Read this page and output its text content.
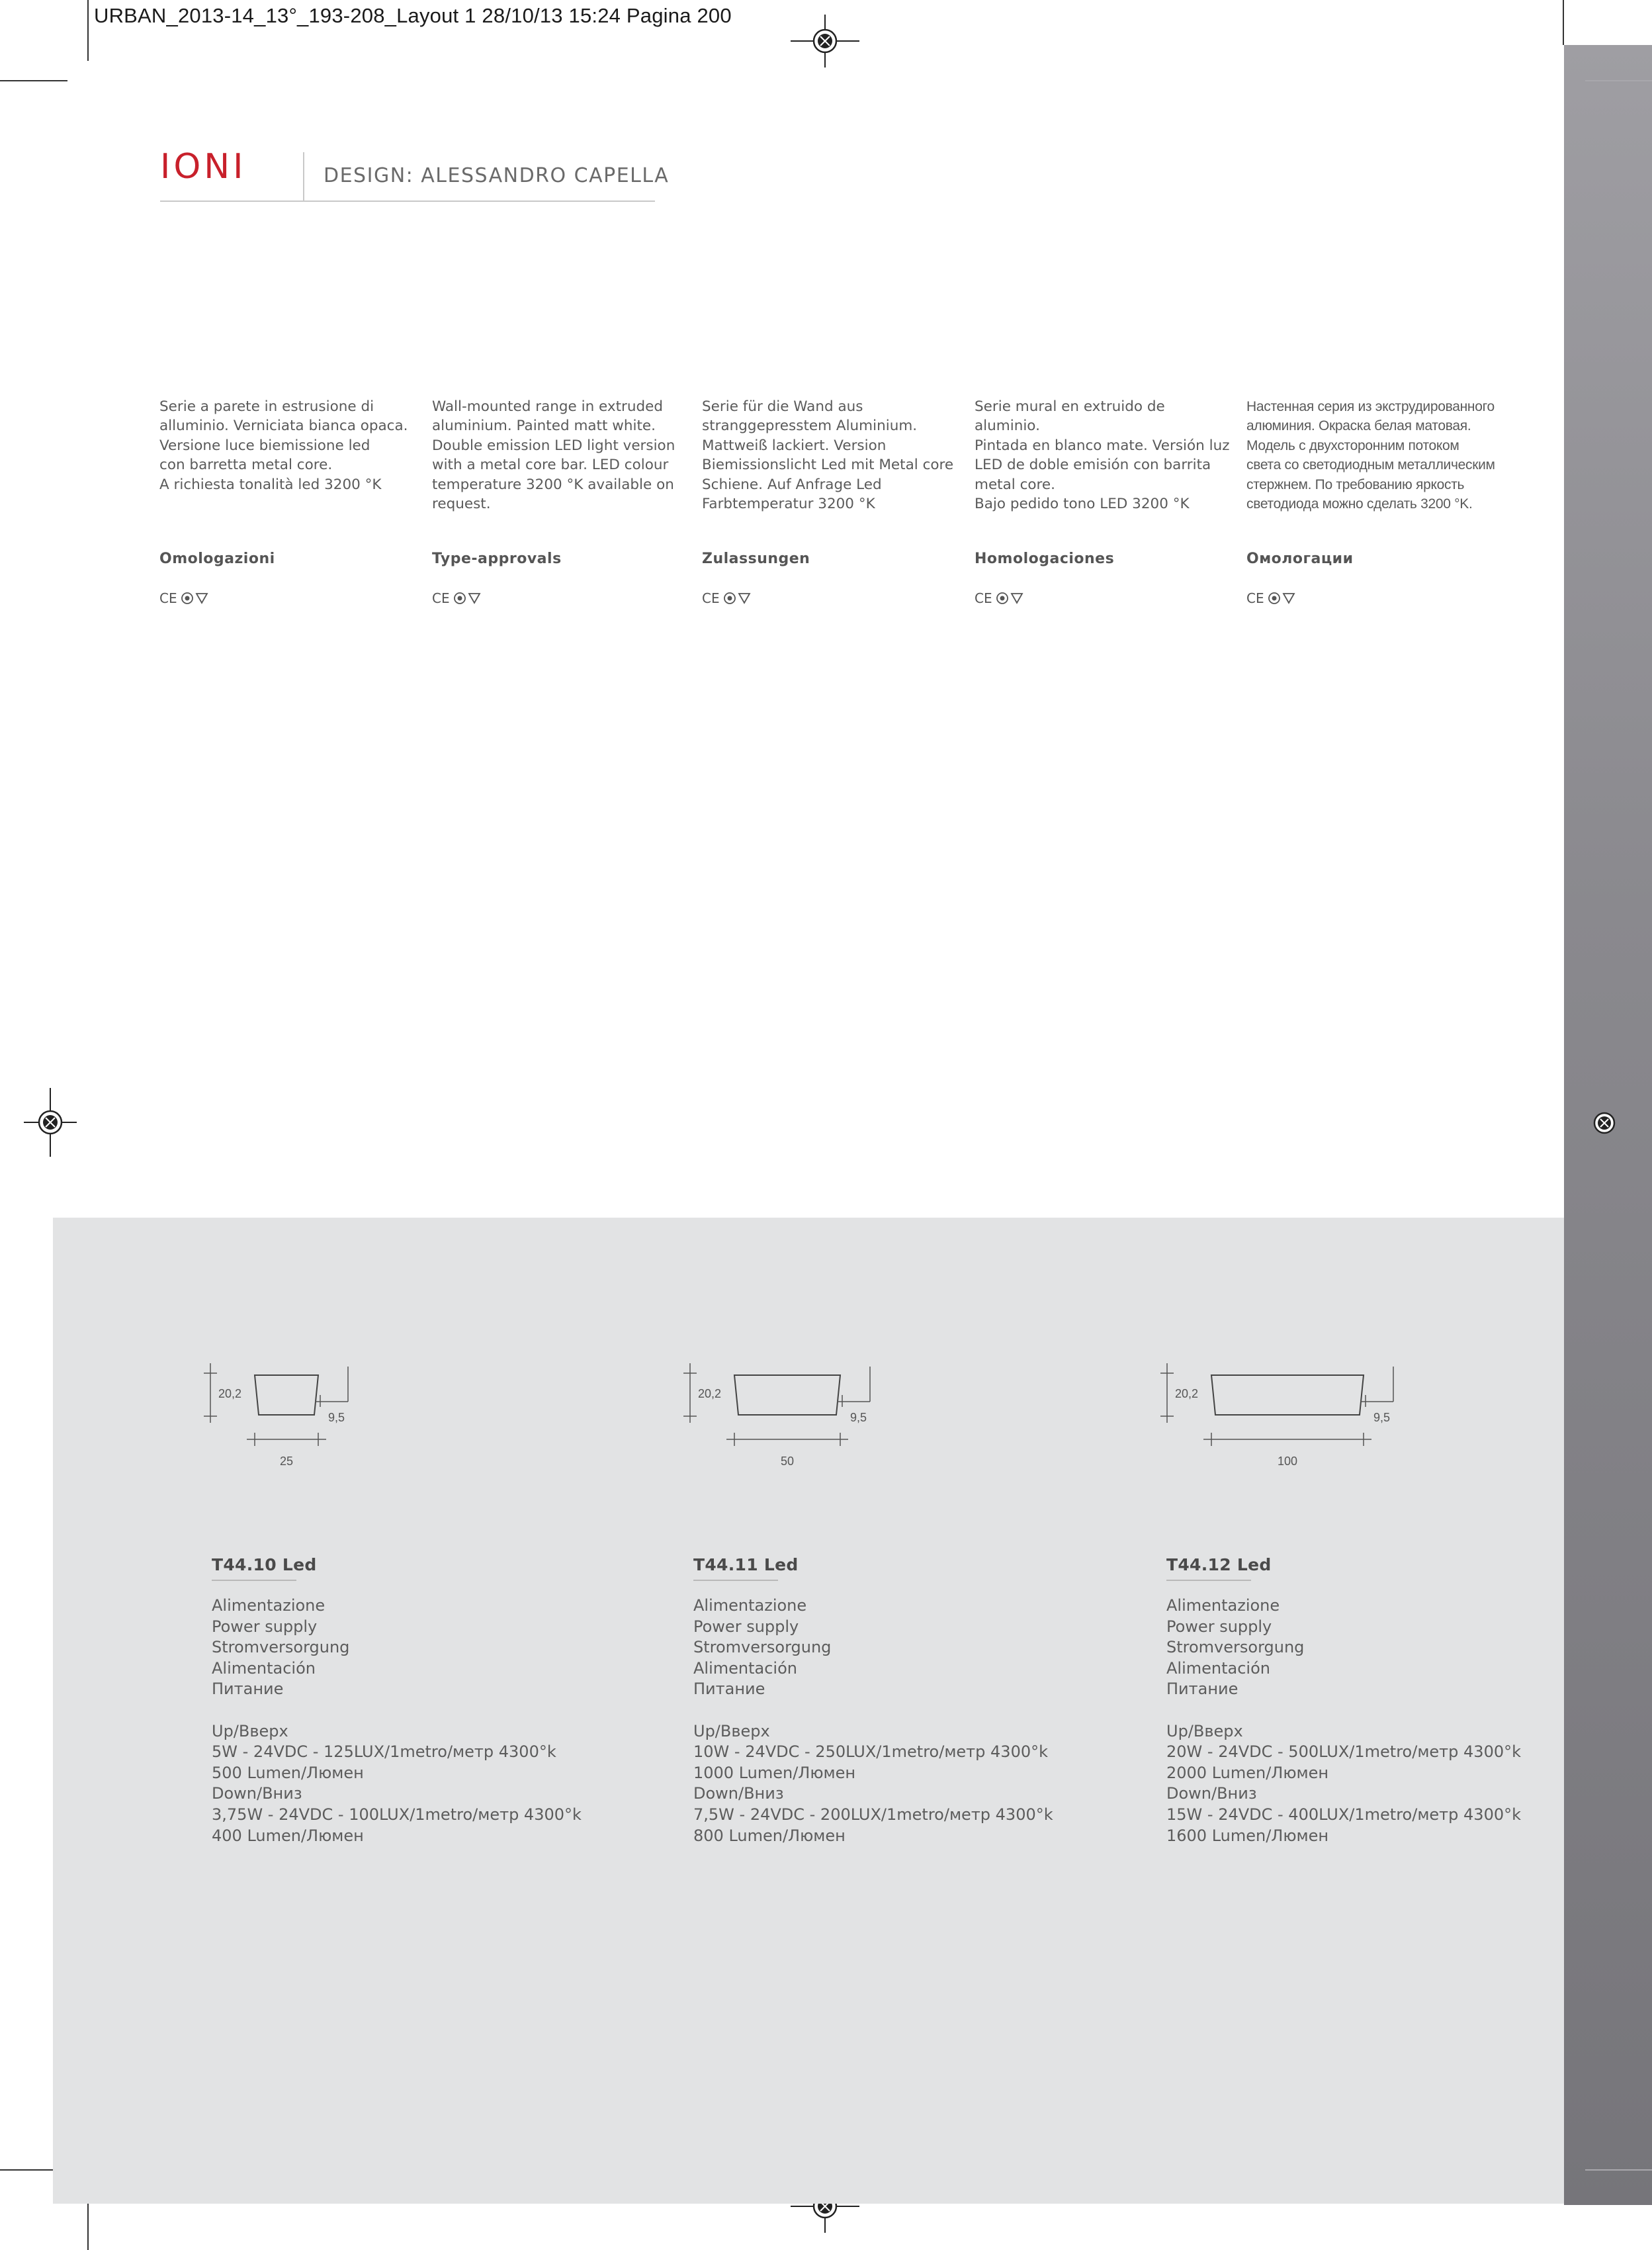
URBAN_2013-14_13°_193-208_Layout 1 28/10/13 15:24 Pagina 200
IONI	DESIGN: ALESSANDRO CAPELLA
Serie a parete in estrusione di
alluminio. Verniciata bianca opaca.
Versione luce biemissione led
con barretta metal core.
A richiesta tonalità led 3200 °K
Omologazioni
CE
Wall-mounted range in extruded
aluminium. Painted matt white.
Double emission LED light version
with a metal core bar. LED colour
temperature 3200 °K available on
request.
Type-approvals
CE
Serie für die Wand aus
stranggepresstem Aluminium.
Mattweiß lackiert. Version
Biemissionslicht Led mit Metal core
Schiene. Auf Anfrage Led
Farbtemperatur 3200 °K
Zulassungen
CE
Serie mural en extruido de aluminio.
Pintada en blanco mate. Versión luz
LED de doble emisión con barrita
metal core.
Bajo pedido tono LED 3200 °K
Homologaciones
CE
Настенная серия из экструдированного
алюминия. Окраска белая матовая.
Модель с двухсторонним потоком
света со светодиодным металлическим
стержнем. По требованию яркость
светодиода можно сделать 3200 °K.
Омологации
CE
20,2
9,5
25
T44.10 Led
Alimentazione
Power supply
Stromversorgung
Alimentación
Питание
Up/Вверх
5W - 24VDC - 125LUX/1metro/метр 4300°k
500 Lumen/Люмен
Down/Вниз
3,75W - 24VDC - 100LUX/1metro/метр 4300°k
400 Lumen/Люмен
20,2
9,5
50
T44.11 Led
Alimentazione
Power supply
Stromversorgung
Alimentación
Питание
Up/Вверх
10W - 24VDC - 250LUX/1metro/метр 4300°k
1000 Lumen/Люмен
Down/Вниз
7,5W - 24VDC - 200LUX/1metro/метр 4300°k
800 Lumen/Люмен
20,2
9,5
100
T44.12 Led
Alimentazione
Power supply
Stromversorgung
Alimentación
Питание
Up/Вверх
20W - 24VDC - 500LUX/1metro/метр 4300°k
2000 Lumen/Люмен
Down/Вниз
15W - 24VDC - 400LUX/1metro/метр 4300°k
1600 Lumen/Люмен
